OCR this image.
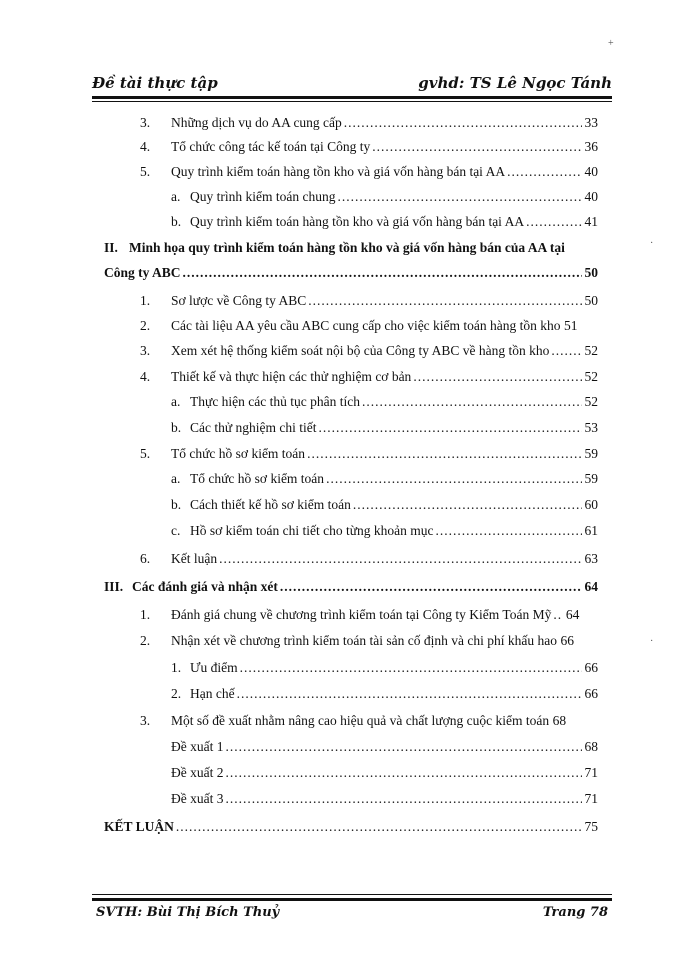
Đề tài thực tập	gvhd: TS Lê Ngọc Tánh
3.	Những dịch vụ do AA cung cấp .....	33
4.	Tổ chức công tác kế toán tại Công ty .....	36
5.	Quy trình kiểm toán hàng tồn kho và giá vốn hàng bán tại AA .....	40
a. Quy trình kiểm toán chung .....	40
b. Quy trình kiểm toán hàng tồn kho và giá vốn hàng bán tại AA .....	41
II. Minh họa quy trình kiểm toán hàng tồn kho và giá vốn hàng bán của AA tại
Công ty ABC .....	50
1.	Sơ lược về Công ty ABC .....	50
2.	Các tài liệu AA yêu cầu ABC cung cấp cho việc kiểm toán hàng tồn kho 51
3.	Xem xét hệ thống kiểm soát nội bộ của Công ty ABC về hàng tồn kho .....	52
4.	Thiết kế và thực hiện các thử nghiệm cơ bản .....	52
a. Thực hiện các thủ tục phân tích .....	52
b. Các thử nghiệm chi tiết .....	53
5.	Tổ chức hồ sơ kiểm toán .....	59
a. Tổ chức hồ sơ kiểm toán .....	59
b. Cách thiết kế hồ sơ kiểm toán .....	60
c. Hồ sơ kiểm toán chi tiết cho từng khoản mục .....	61
6.	Kết luận .....	63
III. Các đánh giá và nhận xét .....	64
1.	Đánh giá chung về chương trình kiểm toán tại Công ty Kiểm Toán Mỹ ..... 64
2.	Nhận xét về chương trình kiểm toán tài sản cố định và chi phí khấu hao 66
1. Ưu điểm .....	66
2. Hạn chế .....	66
3.	Một số đề xuất nhằm nâng cao hiệu quả và chất lượng cuộc kiểm toán 68
Đề xuất 1 .....	68
Đề xuất 2 .....	71
Đề xuất 3 .....	71
KẾT LUẬN .....	75
SVTH: Bùi Thị Bích Thuỷ	Trang 78
+
·
·
